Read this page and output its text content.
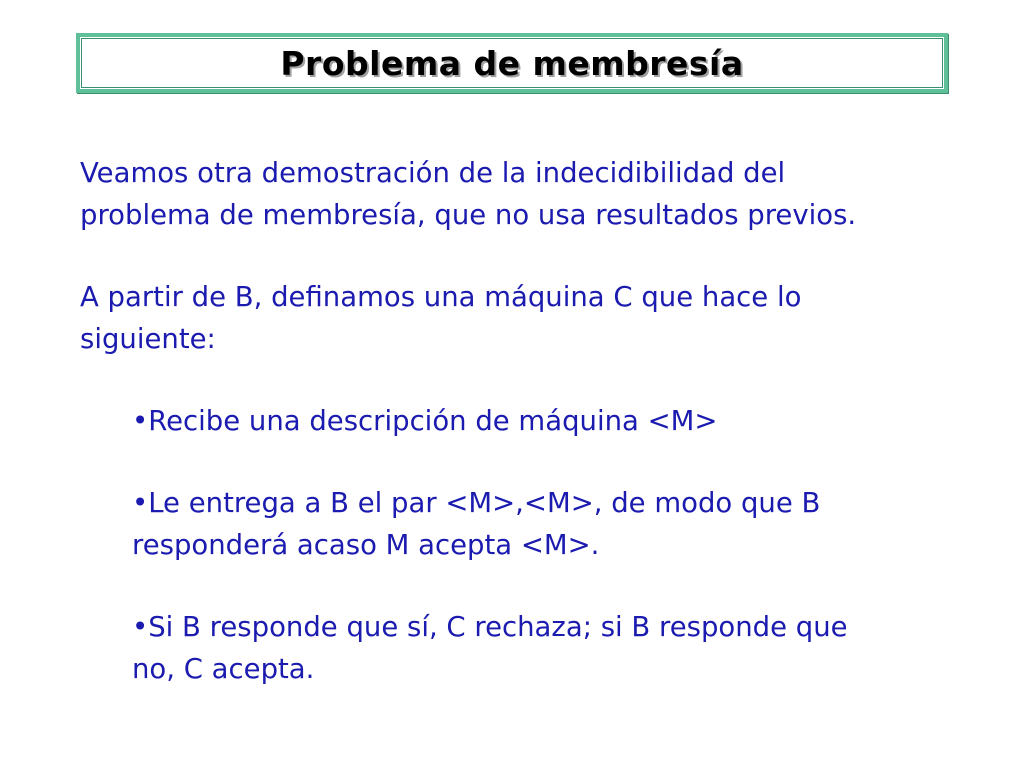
Problema de membresía

Veamos otra demostración de la indecidibilidad del
problema de membresía, que no usa resultados previos.

A partir de B, definamos una máquina C que hace lo
siguiente:

•Recibe una descripción de máquina <M>

•Le entrega a B el par <M>,<M>, de modo que B
responderá acaso M acepta <M>.

•Si B responde que sí, C rechaza; si B responde que
no, C acepta.
